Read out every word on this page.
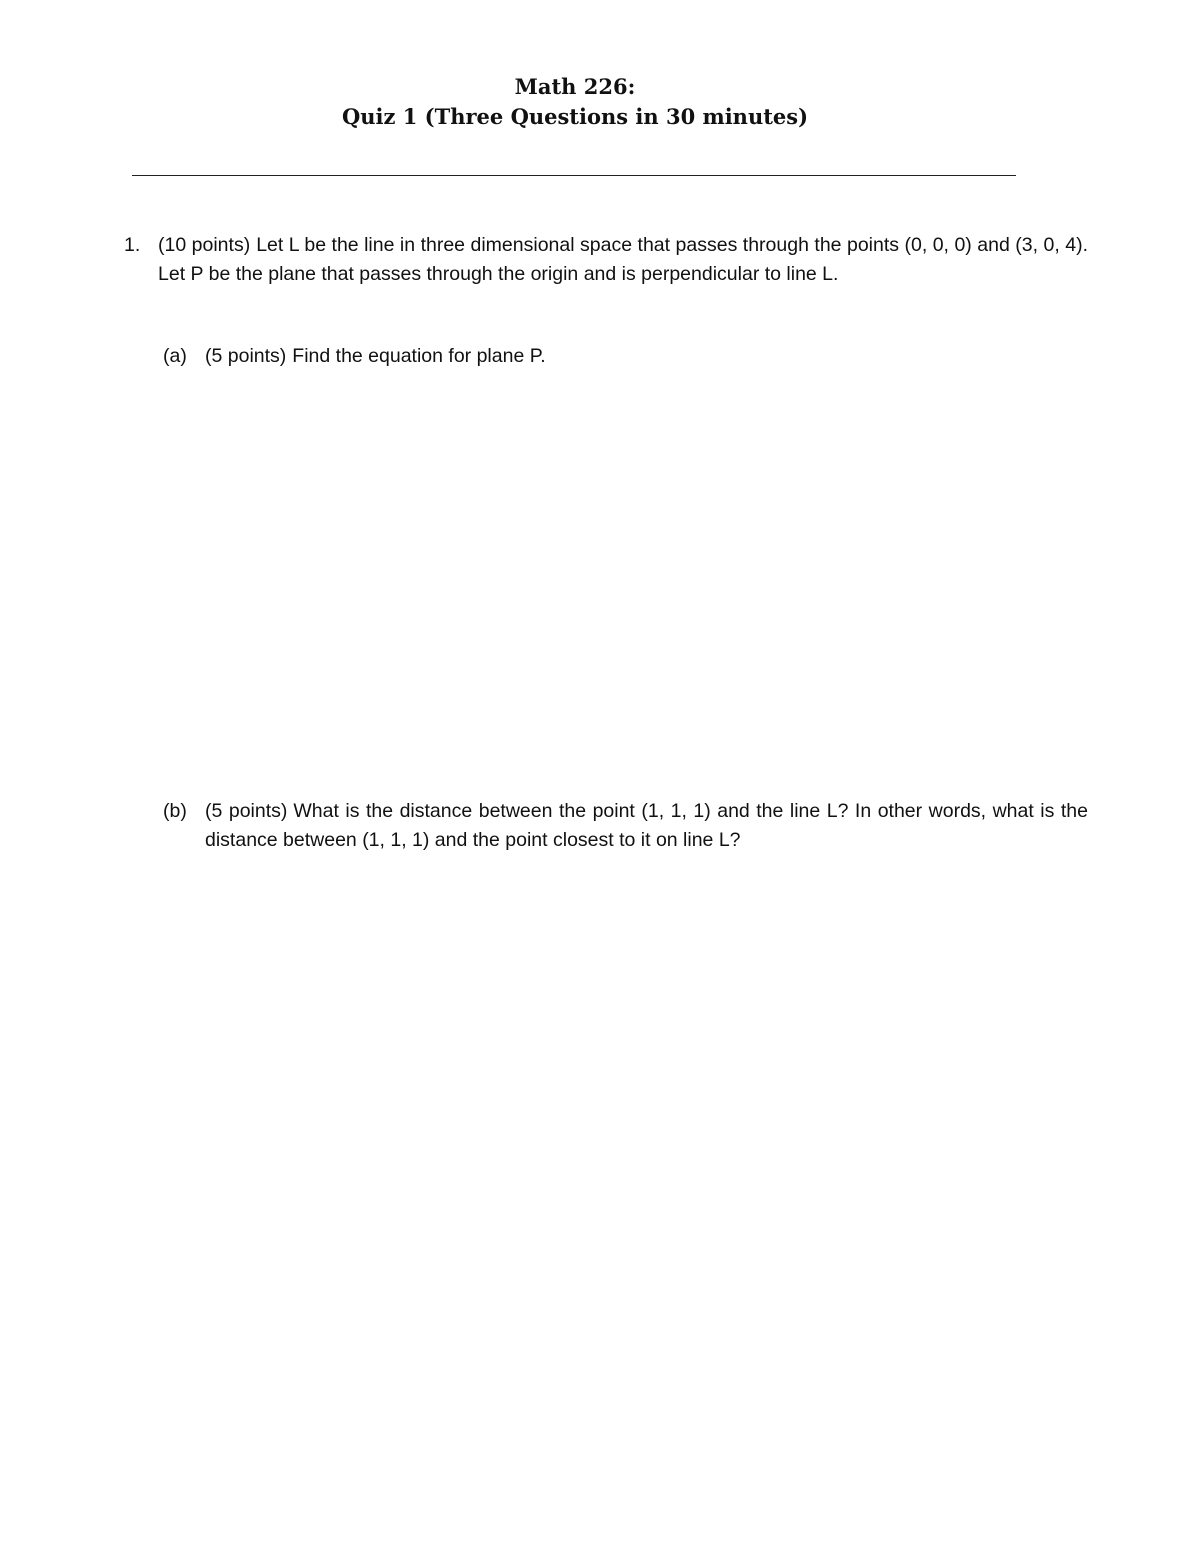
Math 226:
Quiz 1 (Three Questions in 30 minutes)
1. (10 points) Let L be the line in three dimensional space that passes through the points (0, 0, 0) and (3, 0, 4). Let P be the plane that passes through the origin and is perpendicular to line L.
(a) (5 points) Find the equation for plane P.
(b) (5 points) What is the distance between the point (1, 1, 1) and the line L? In other words, what is the distance between (1, 1, 1) and the point closest to it on line L?
